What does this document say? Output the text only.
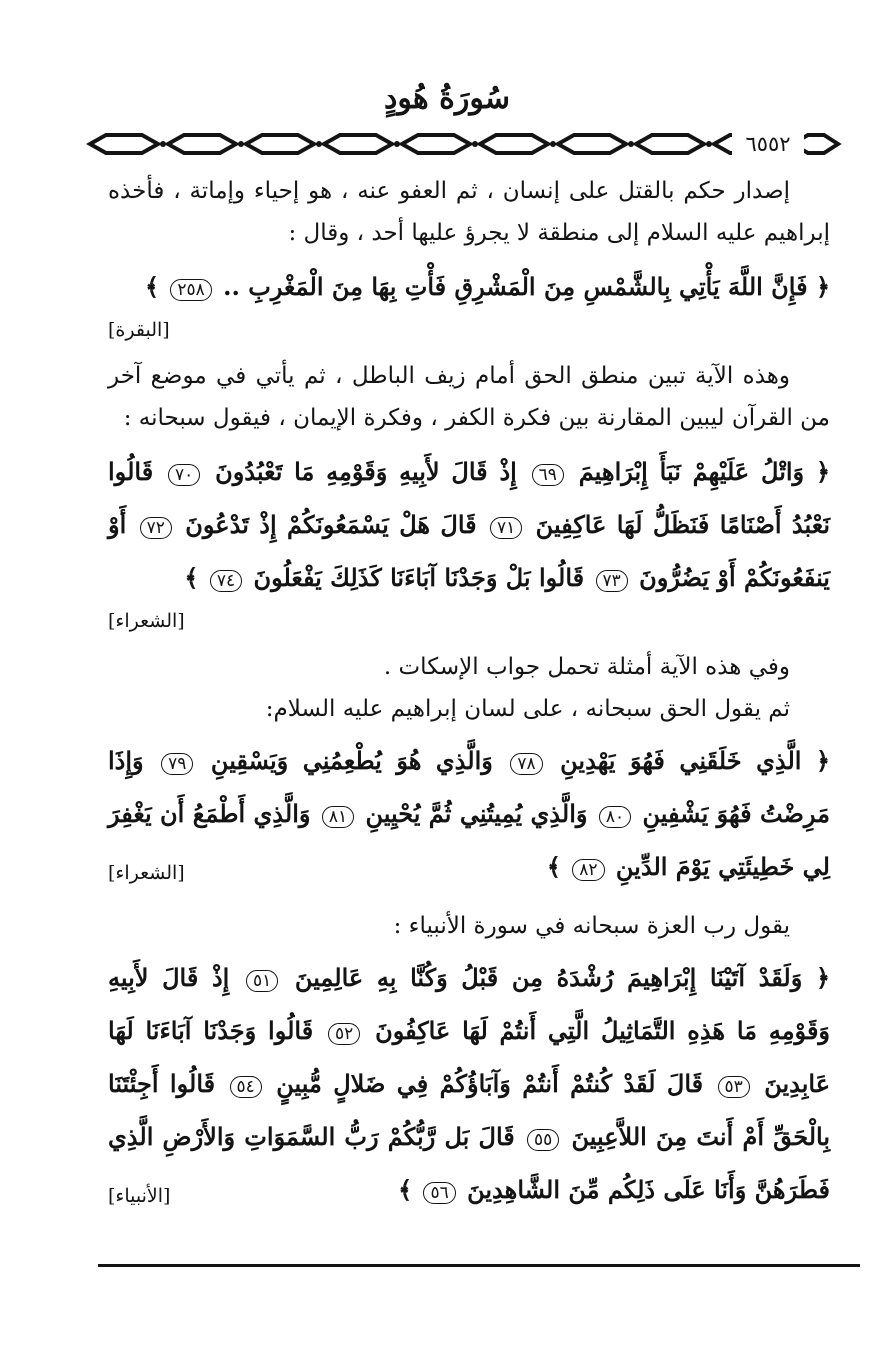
سُورَةُ هُودٍ
٦٥٥٢

إصدار حكم بالقتل على إنسان ، ثم العفو عنه ، هو إحياء وإماتة ، فأخذه إبراهيم عليه السلام إلى منطقة لا يجرؤ عليها أحد ، وقال :

﴿ فَإِنَّ اللَّهَ يَأْتِي بِالشَّمْسِ مِنَ الْمَشْرِقِ فَأْتِ بِهَا مِنَ الْمَغْرِبِ .. ٢٥٨ ﴾

[البقرة]

وهذه الآية تبين منطق الحق أمام زيف الباطل ، ثم يأتي في موضع آخر من القرآن ليبين المقارنة بين فكرة الكفر ، وفكرة الإيمان ، فيقول سبحانه :

﴿ وَاتْلُ عَلَيْهِمْ نَبَأَ إِبْرَاهِيمَ ٦٩ إِذْ قَالَ لأَبِيهِ وَقَوْمِهِ مَا تَعْبُدُونَ ٧٠ قَالُوا نَعْبُدُ أَصْنَامًا فَنَظَلُّ لَهَا عَاكِفِينَ ٧١ قَالَ هَلْ يَسْمَعُونَكُمْ إِذْ تَدْعُونَ ٧٢ أَوْ يَنفَعُونَكُمْ أَوْ يَضُرُّونَ ٧٣ قَالُوا بَلْ وَجَدْنَا آبَاءَنَا كَذَلِكَ يَفْعَلُونَ ٧٤ ﴾

[الشعراء]

وفي هذه الآية أمثلة تحمل جواب الإسكات .

ثم يقول الحق سبحانه ، على لسان إبراهيم عليه السلام:

﴿ الَّذِي خَلَقَنِي فَهُوَ يَهْدِينِ ٧٨ وَالَّذِي هُوَ يُطْعِمُنِي وَيَسْقِينِ ٧٩ وَإِذَا مَرِضْتُ فَهُوَ يَشْفِينِ ٨٠ وَالَّذِي يُمِيتُنِي ثُمَّ يُحْيِينِ ٨١ وَالَّذِي أَطْمَعُ أَن يَغْفِرَ لِي خَطِيئَتِي يَوْمَ الدِّينِ ٨٢ ﴾
[الشعراء]

يقول رب العزة سبحانه في سورة الأنبياء :

﴿ وَلَقَدْ آتَيْنَا إِبْرَاهِيمَ رُشْدَهُ مِن قَبْلُ وَكُنَّا بِهِ عَالِمِينَ ٥١ إِذْ قَالَ لأَبِيهِ وَقَوْمِهِ مَا هَذِهِ التَّمَاثِيلُ الَّتِي أَنتُمْ لَهَا عَاكِفُونَ ٥٢ قَالُوا وَجَدْنَا آبَاءَنَا لَهَا عَابِدِينَ ٥٣ قَالَ لَقَدْ كُنتُمْ أَنتُمْ وَآبَاؤُكُمْ فِي ضَلالٍ مُّبِينٍ ٥٤ قَالُوا أَجِئْتَنَا بِالْحَقِّ أَمْ أَنتَ مِنَ اللاَّعِبِينَ ٥٥ قَالَ بَل رَّبُّكُمْ رَبُّ السَّمَوَاتِ وَالأَرْضِ الَّذِي فَطَرَهُنَّ وَأَنَا عَلَى ذَلِكُم مِّنَ الشَّاهِدِينَ ٥٦ ﴾
[الأنبياء]
